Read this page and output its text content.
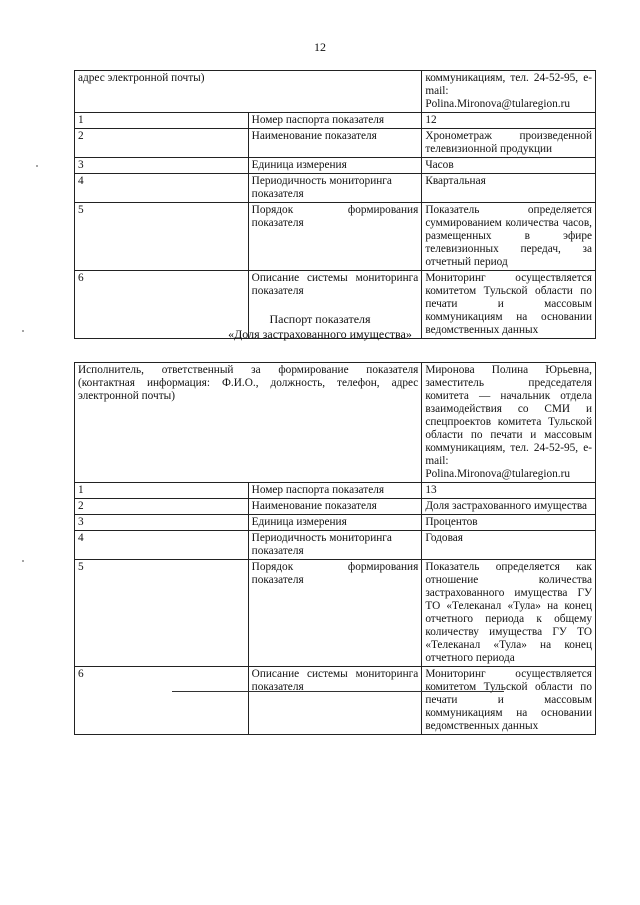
12
адрес электронной почты)		коммуникациям, тел. 24-52-95, e-mail: Polina.Mironova@tularegion.ru
1	Номер паспорта показателя	12
2	Наименование показателя	Хронометраж произведенной телевизионной продукции
3	Единица измерения	Часов
4	Периодичность мониторинга показателя	Квартальная
5	Порядок формирования показателя	Показатель определяется суммированием количества часов, размещенных в эфире телевизионных передач, за отчетный период
6	Описание системы мониторинга показателя	Мониторинг осуществляется комитетом Тульской области по печати и массовым коммуникациям на основании ведомственных данных
Паспорт показателя
«Доля застрахованного имущества»
Исполнитель, ответственный за формирование показателя (контактная информация: Ф.И.О., должность, телефон, адрес электронной почты)		Миронова Полина Юрьевна, заместитель председателя комитета — начальник отдела взаимодействия со СМИ и спецпроектов комитета Тульской области по печати и массовым коммуникациям, тел. 24-52-95, e-mail: Polina.Mironova@tularegion.ru
1	Номер паспорта показателя	13
2	Наименование показателя	Доля застрахованного имущества
3	Единица измерения	Процентов
4	Периодичность мониторинга показателя	Годовая
5	Порядок формирования показателя	Показатель определяется как отношение количества застрахованного имущества ГУ ТО «Телеканал «Тула» на конец отчетного периода к общему количеству имущества ГУ ТО «Телеканал «Тула» на конец отчетного периода
6	Описание системы мониторинга показателя	Мониторинг осуществляется комитетом Тульской области по печати и массовым коммуникациям на основании ведомственных данных
